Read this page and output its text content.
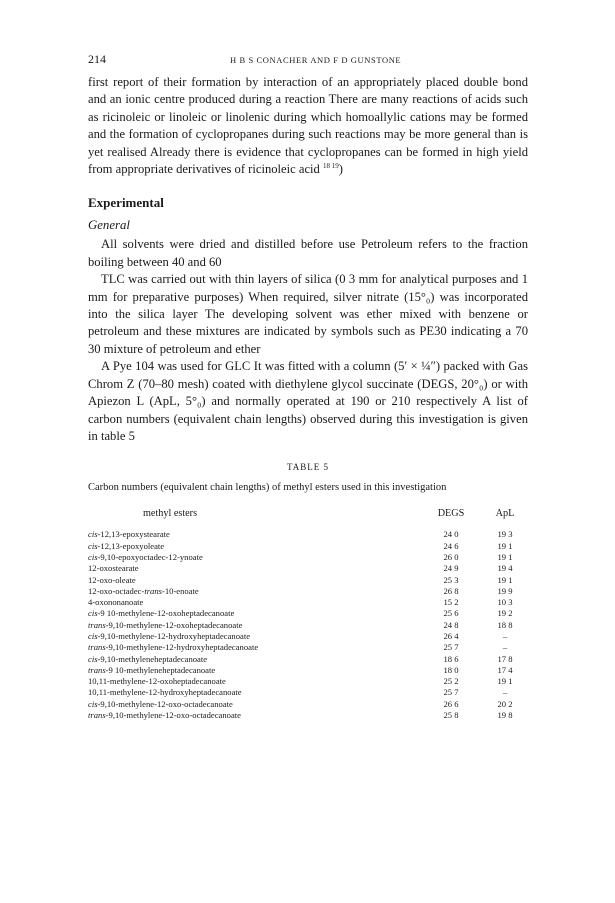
214	H B S CONACHER AND F D GUNSTONE

first report of their formation by interaction of an appropriately placed double bond and an ionic centre produced during a reaction There are many reactions of acids such as ricinoleic or linoleic or linolenic during which homoallylic cations may be formed and the formation of cyclopropanes during such reactions may be more general than is yet realised Already there is evidence that cyclopropanes can be formed in high yield from appropriate derivatives of ricinoleic acid $^{18 19}$)

Experimental
General

All solvents were dried and distilled before use Petroleum refers to the fraction boiling between 40 and 60

TLC was carried out with thin layers of silica (0 3 mm for analytical purposes and 1 mm for preparative purposes) When required, silver nitrate (15°₀) was incorporated into the silica layer The developing solvent was ether mixed with benzene or petroleum and these mixtures are indicated by symbols such as PE30 indicating a 70 30 mixture of petroleum and ether

A Pye 104 was used for GLC It was fitted with a column (5′ × ¼″) packed with Gas Chrom Z (70–80 mesh) coated with diethylene glycol succinate (DEGS, 20°₀) or with Apiezon L (ApL, 5°₀) and normally operated at 190 or 210 respectively A list of carbon numbers (equivalent chain lengths) observed during this investigation is given in table 5

TABLE 5
Carbon numbers (equivalent chain lengths) of methyl esters used in this investigation
methyl esters	DEGS	ApL
cis-12,13-epoxystearate	24 0	19 3
cis-12,13-epoxyoleate	24 6	19 1
cis-9,10-epoxyoctadec-12-ynoate	26 0	19 1
12-oxostearate	24 9	19 4
12-oxo-oleate	25 3	19 1
12-oxo-octadec-trans-10-enoate	26 8	19 9
4-oxononanoate	15 2	10 3
cis-9 10-methylene-12-oxoheptadecanoate	25 6	19 2
trans-9,10-methylene-12-oxoheptadecanoate	24 8	18 8
cis-9,10-methylene-12-hydroxyheptadecanoate	26 4	–
trans-9,10-methylene-12-hydroxyheptadecanoate	25 7	–
cis-9,10-methyleneheptadecanoate	18 6	17 8
trans-9 10-methyleneheptadecanoate	18 0	17 4
10,11-methylene-12-oxoheptadecanoate	25 2	19 1
10,11-methylene-12-hydroxyheptadecanoate	25 7	–
cis-9,10-methylene-12-oxo-octadecanoate	26 6	20 2
trans-9,10-methylene-12-oxo-octadecanoate	25 8	19 8
